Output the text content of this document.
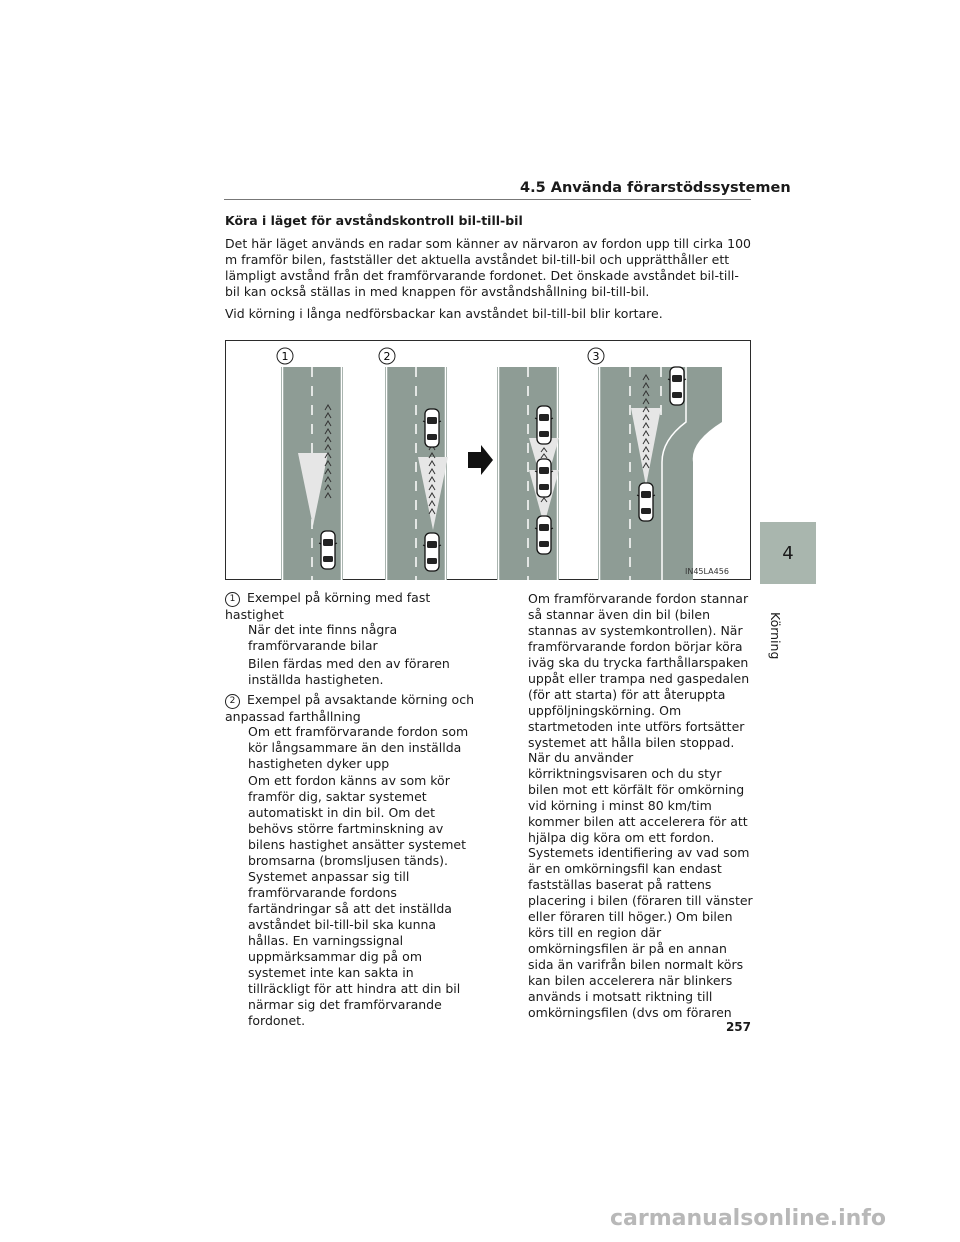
4.5 Använda förarstödssystemen
Köra i läget för avståndskontroll bil-till-bil

Det här läget används en radar som känner av närvaron av fordon upp till cirka 100 m framför bilen, fastställer det aktuella avståndet bil-till-bil och upprätthåller ett lämpligt avstånd från det framförvarande fordonet. Det önskade avståndet bil-till-bil kan också ställas in med knappen för avståndshållning bil-till-bil.

Vid körning i långa nedförsbackar kan avståndet bil-till-bil blir kortare.

1	2	3
IN45LA456
1 Exempel på körning med fast
hastighet

När det inte finns några framförvarande bilar

Bilen färdas med den av föraren inställda hastigheten.

2 Exempel på avsaktande körning och
anpassad farthållning

Om ett framförvarande fordon som kör långsammare än den inställda hastigheten dyker upp

Om ett fordon känns av som kör framför dig, saktar systemet automatiskt in din bil. Om det behövs större fartminskning av bilens hastighet ansätter systemet bromsarna (bromsljusen tänds). Systemet anpassar sig till framförvarande fordons fartändringar så att det inställda avståndet bil-till-bil ska kunna hållas. En varningssignal uppmärksammar dig på om systemet inte kan sakta in tillräckligt för att hindra att din bil närmar sig det framförvarande fordonet.

Om framförvarande fordon stannar så stannar även din bil (bilen stannas av systemkontrollen). När framförvarande fordon börjar köra iväg ska du trycka farthållarspaken uppåt eller trampa ned gaspedalen (för att starta) för att återuppta uppföljningskörning. Om startmetoden inte utförs fortsätter systemet att hålla bilen stoppad.

När du använder körriktningsvisaren och du styr bilen mot ett körfält för omkörning vid körning i minst 80 km/tim kommer bilen att accelerera för att hjälpa dig köra om ett fordon.

Systemets identifiering av vad som är en omkörningsfil kan endast fastställas baserat på rattens placering i bilen (föraren till vänster eller föraren till höger.) Om bilen körs till en region där omkörningsfilen är på en annan sida än varifrån bilen normalt körs kan bilen accelerera när blinkers används i motsatt riktning till omkörningsfilen (dvs om föraren

4
Körning
257
carmanualsonline.info
